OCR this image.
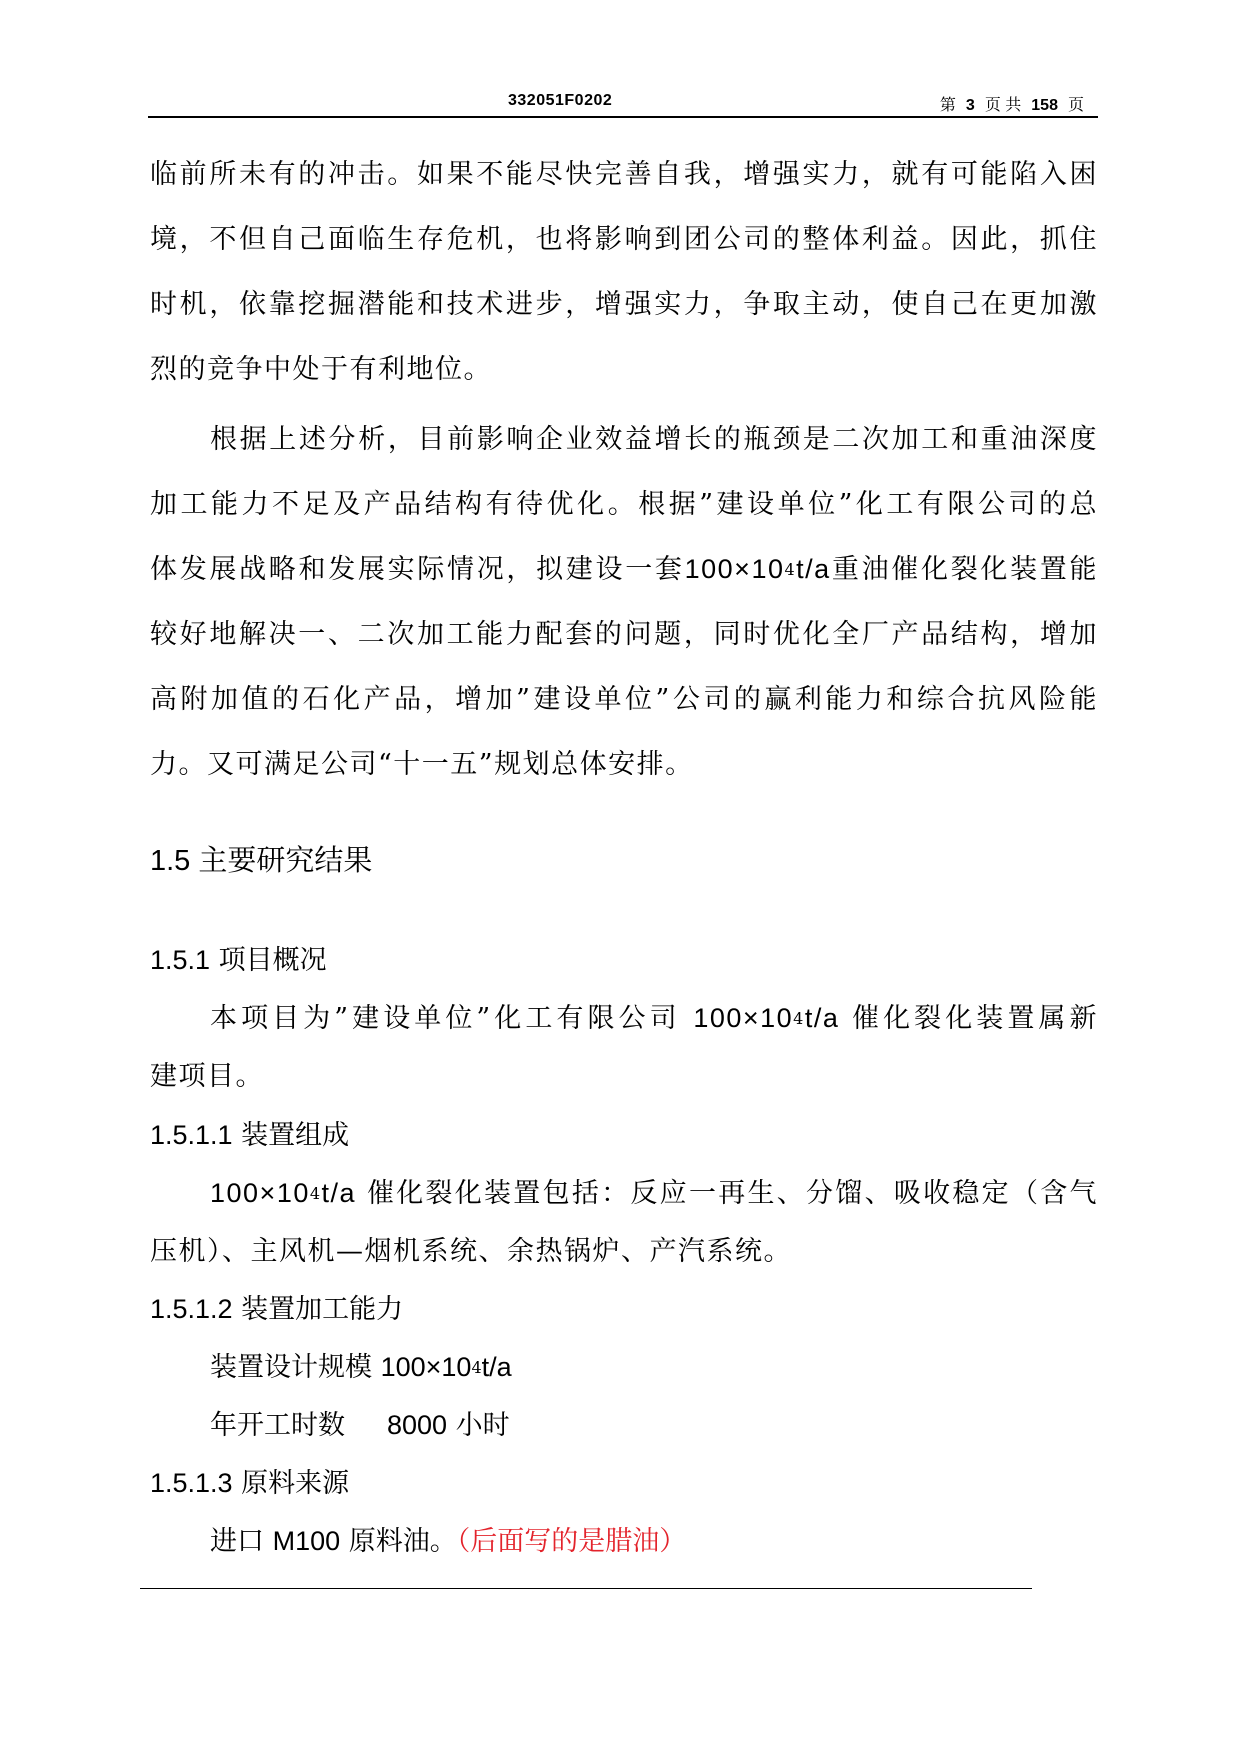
332051F0202	第 3 页 共 158 页
临前所未有的冲击。如果不能尽快完善自我，增强实力，就有可能陷入困
境，不但自己面临生存危机，也将影响到团公司的整体利益。因此，抓住
时机，依靠挖掘潜能和技术进步，增强实力，争取主动，使自己在更加激
烈的竞争中处于有利地位。
根据上述分析，目前影响企业效益增长的瓶颈是二次加工和重油深度
加工能力不足及产品结构有待优化。根据”建设单位”化工有限公司的总
体发展战略和发展实际情况，拟建设一套$100\times 10^4t/a$重油催化裂化装置能
较好地解决一、二次加工能力配套的问题，同时优化全厂产品结构，增加
高附加值的石化产品，增加”建设单位”公司的赢利能力和综合抗风险能
力。又可满足公司“十一五”规划总体安排。
1.5 主要研究结果
1.5.1 项目概况
本项目为”建设单位”化工有限公司 $100\times 10^4t/a$ 催化裂化装置属新
建项目。
1.5.1.1 装置组成
$100\times 10^4t/a$ 催化裂化装置包括：反应一再生、分馏、吸收稳定（含气
压机）、主风机—烟机系统、余热锅炉、产汽系统。
1.5.1.2 装置加工能力
装置设计规模 $100\times 10^4t/a$
年开工时数 8000 小时
1.5.1.3 原料来源
进口 M100 原料油。（后面写的是腊油）
